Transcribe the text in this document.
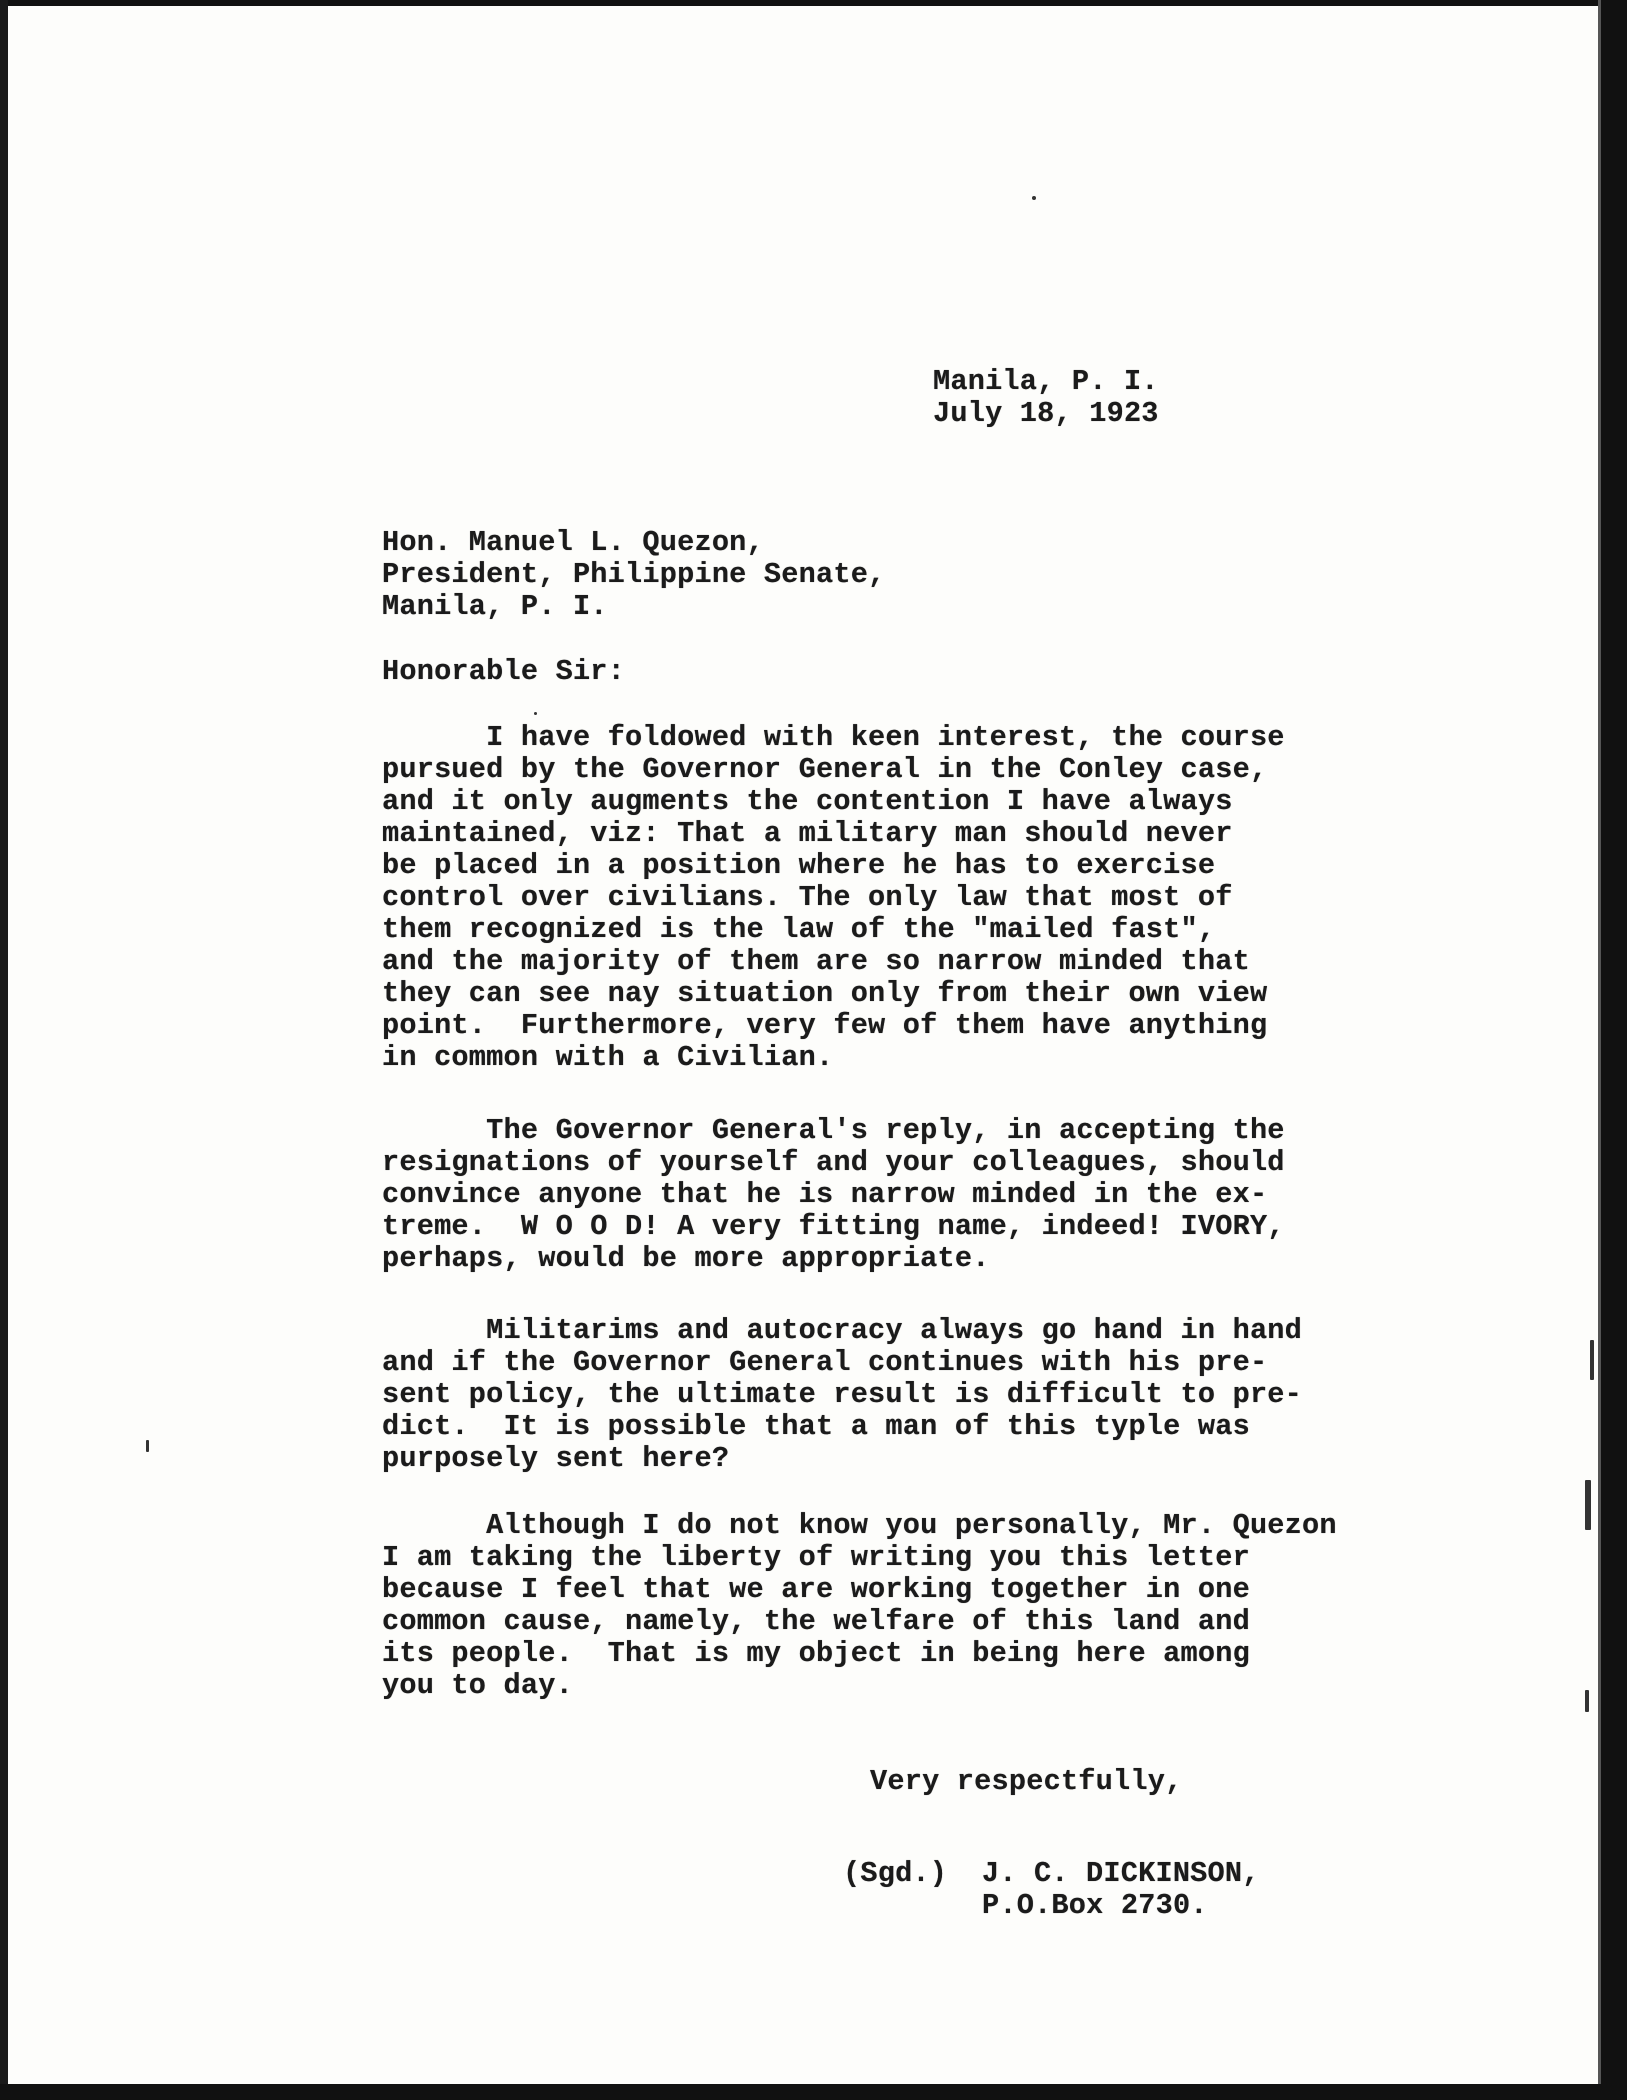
Manila, P. I.
July 18, 1923
Hon. Manuel L. Quezon,
President, Philippine Senate,
Manila, P. I.
Honorable Sir:
I have foldowed with keen interest, the course
pursued by the Governor General in the Conley case,
and it only augments the contention I have always
maintained, viz: That a military man should never
be placed in a position where he has to exercise
control over civilians. The only law that most of
them recognized is the law of the "mailed fast",
and the majority of them are so narrow minded that
they can see nay situation only from their own view
point.  Furthermore, very few of them have anything
in common with a Civilian.
The Governor General's reply, in accepting the
resignations of yourself and your colleagues, should
convince anyone that he is narrow minded in the ex-
treme.  W O O D! A very fitting name, indeed! IVORY,
perhaps, would be more appropriate.
Militarims and autocracy always go hand in hand
and if the Governor General continues with his pre-
sent policy, the ultimate result is difficult to pre-
dict.  It is possible that a man of this typle was
purposely sent here?
Although I do not know you personally, Mr. Quezon
I am taking the liberty of writing you this letter
because I feel that we are working together in one
common cause, namely, the welfare of this land and
its people.  That is my object in being here among
you to day.
Very respectfully,
(Sgd.)  J. C. DICKINSON,
P.O.Box 2730.
